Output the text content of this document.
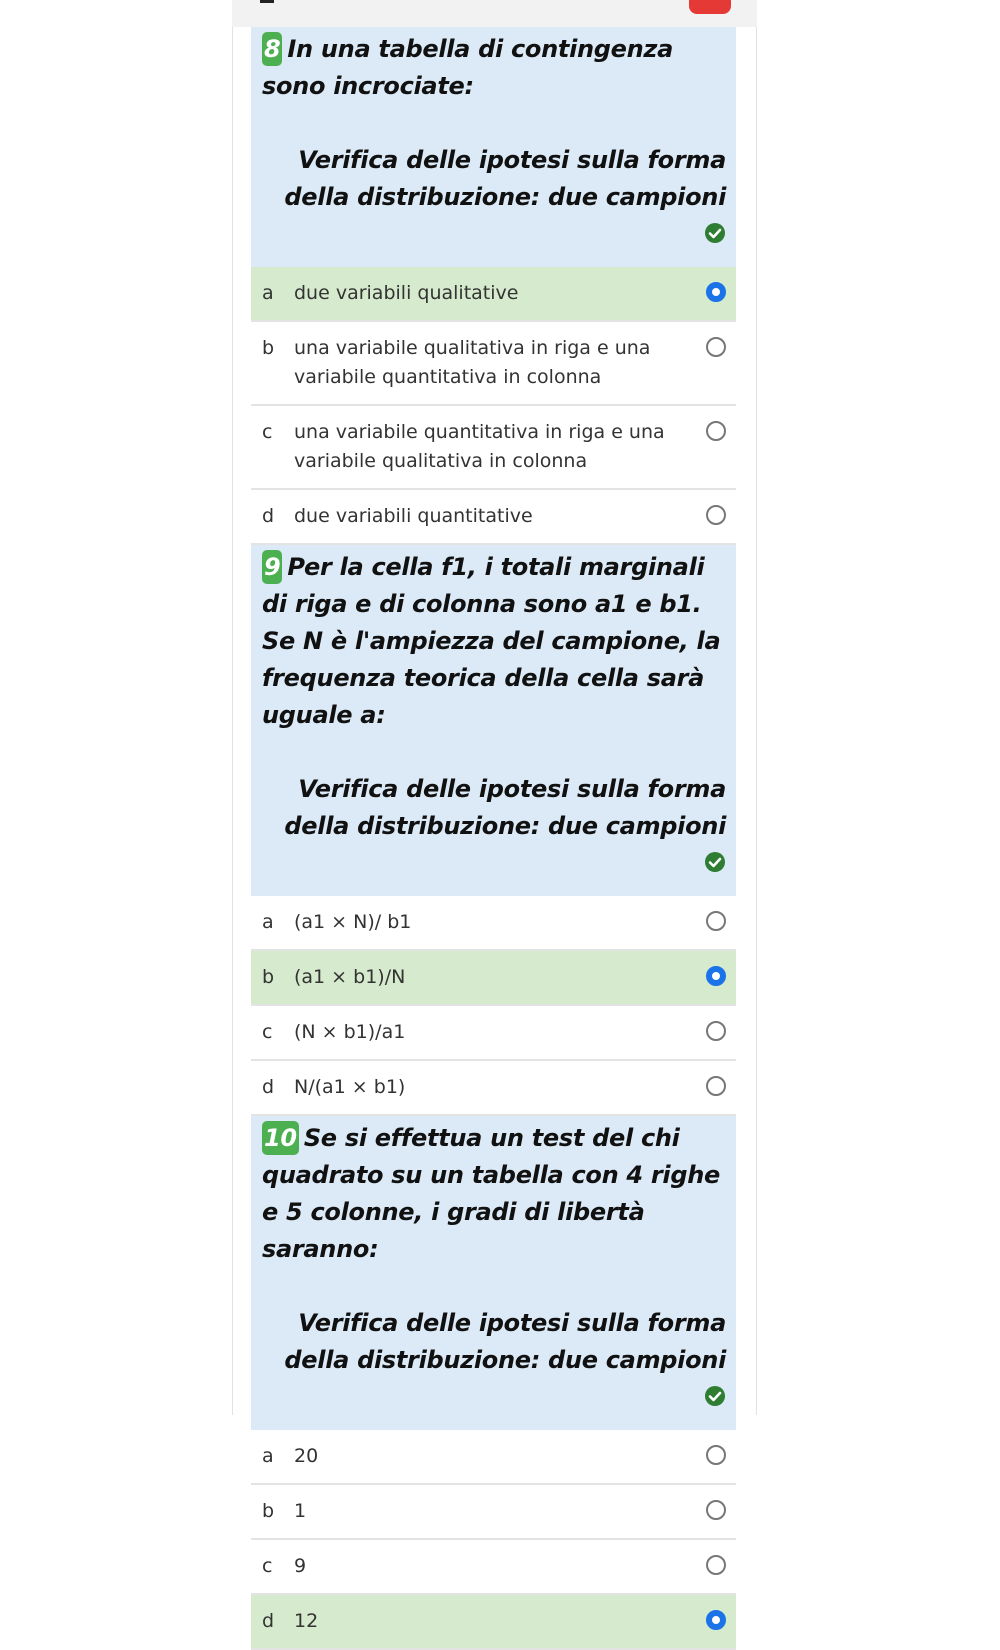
8 In una tabella di contingenza sono incrociate:
Verifica delle ipotesi sulla forma della distribuzione: due campioni
a	due variabili qualitative
b	una variabile qualitativa in riga e una variabile quantitativa in colonna
c	una variabile quantitativa in riga e una variabile qualitativa in colonna
d	due variabili quantitative
9 Per la cella f1, i totali marginali di riga e di colonna sono a1 e b1. Se N è l'ampiezza del campione, la frequenza teorica della cella sarà uguale a:
Verifica delle ipotesi sulla forma della distribuzione: due campioni
a	(a1 × N)/ b1
b	(a1 × b1)/N
c	(N × b1)/a1
d	N/(a1 × b1)
10 Se si effettua un test del chi quadrato su un tabella con 4 righe e 5 colonne, i gradi di libertà saranno:
Verifica delle ipotesi sulla forma della distribuzione: due campioni
a	20
b	1
c	9
d	12
